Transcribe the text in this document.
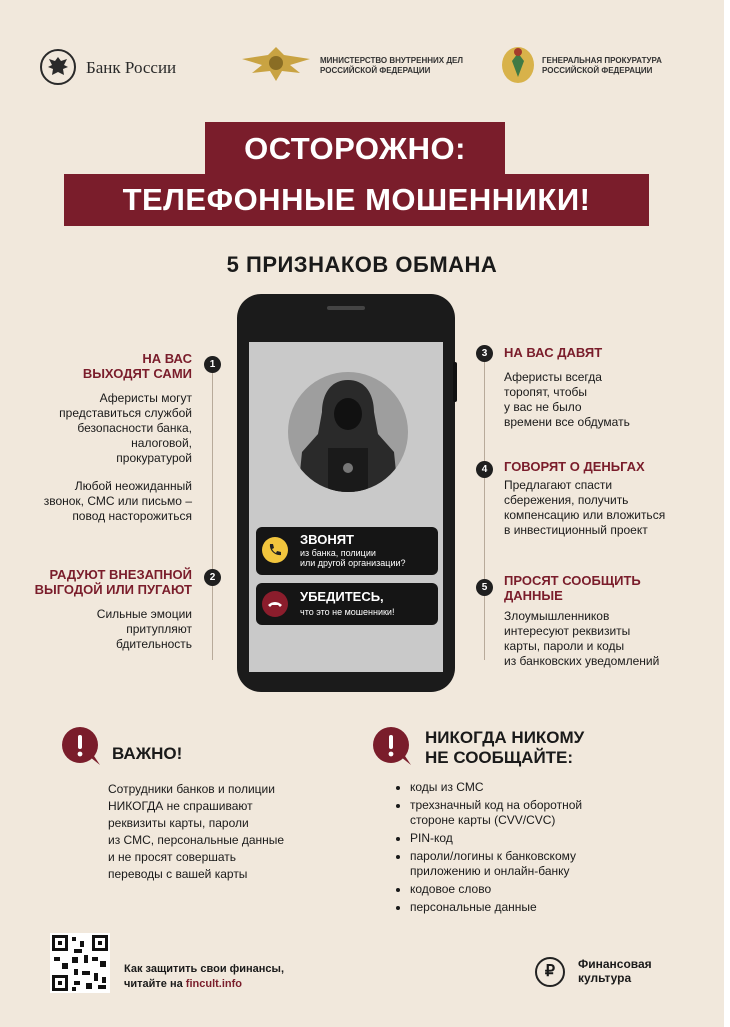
Банк России	МИНИСТЕРСТВО ВНУТРЕННИХ ДЕЛ
РОССИЙСКОЙ ФЕДЕРАЦИИ
ГЕНЕРАЛЬНАЯ ПРОКУРАТУРА
РОССИЙСКОЙ ФЕДЕРАЦИИ
ОСТОРОЖНО:
ТЕЛЕФОННЫЕ МОШЕННИКИ!
5 ПРИЗНАКОВ ОБМАНА
ЗВОНЯТ
из банка, полиции
или другой организации?
УБЕДИТЕСЬ,
что это не мошенники!
1
НА ВАС
ВЫХОДЯТ САМИ
Аферисты могут
представиться службой
безопасности банка,
налоговой,
прокуратурой
Любой неожиданный
звонок, СМС или письмо –
повод насторожиться
2
РАДУЮТ ВНЕЗАПНОЙ
ВЫГОДОЙ ИЛИ ПУГАЮТ
Сильные эмоции
притупляют
бдительность
3	НА ВАС ДАВЯТ
Аферисты всегда
торопят, чтобы
у вас не было
времени все обдумать
4	ГОВОРЯТ О ДЕНЬГАХ
Предлагают спасти
сбережения, получить
компенсацию или вложиться
в инвестиционный проект
5	ПРОСЯТ СООБЩИТЬ
ДАННЫЕ
Злоумышленников
интересуют реквизиты
карты, пароли и коды
из банковских уведомлений
ВАЖНО!
Сотрудники банков и полиции
НИКОГДА не спрашивают
реквизиты карты, пароли
из СМС, персональные данные
и не просят совершать
переводы с вашей карты
НИКОГДА НИКОМУ
НЕ СООБЩАЙТЕ:
• коды из СМС
• трехзначный код на оборотной
стороне карты (CVV/CVC)
• PIN-код
• пароли/логины к банковскому
приложению и онлайн-банку
• кодовое слово
• персональные данные
Как защитить свои финансы,
читайте на fincult.info
₽	Финансовая
культура
